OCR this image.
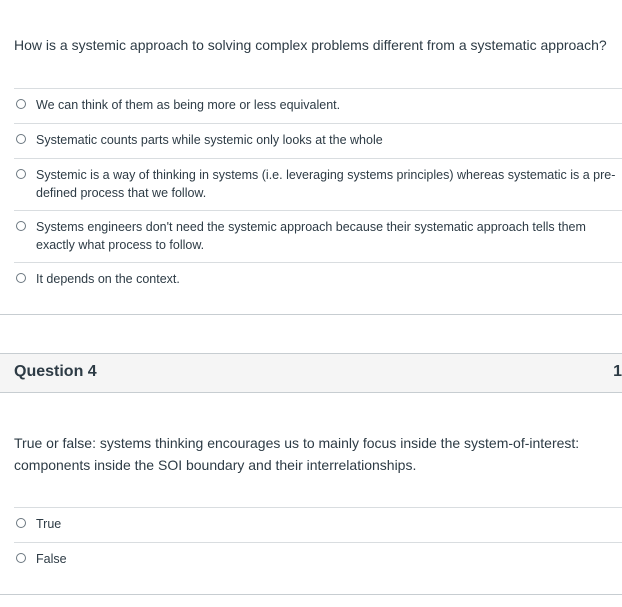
How is a systemic approach to solving complex problems different from a systematic approach?
We can think of them as being more or less equivalent.
Systematic counts parts while systemic only looks at the whole
Systemic is a way of thinking in systems (i.e. leveraging systems principles) whereas systematic is a pre-defined process that we follow.
Systems engineers don't need the systemic approach because their systematic approach tells them exactly what process to follow.
It depends on the context.
Question 4	1
True or false: systems thinking encourages us to mainly focus inside the system-of-interest: components inside the SOI boundary and their interrelationships.
True
False
